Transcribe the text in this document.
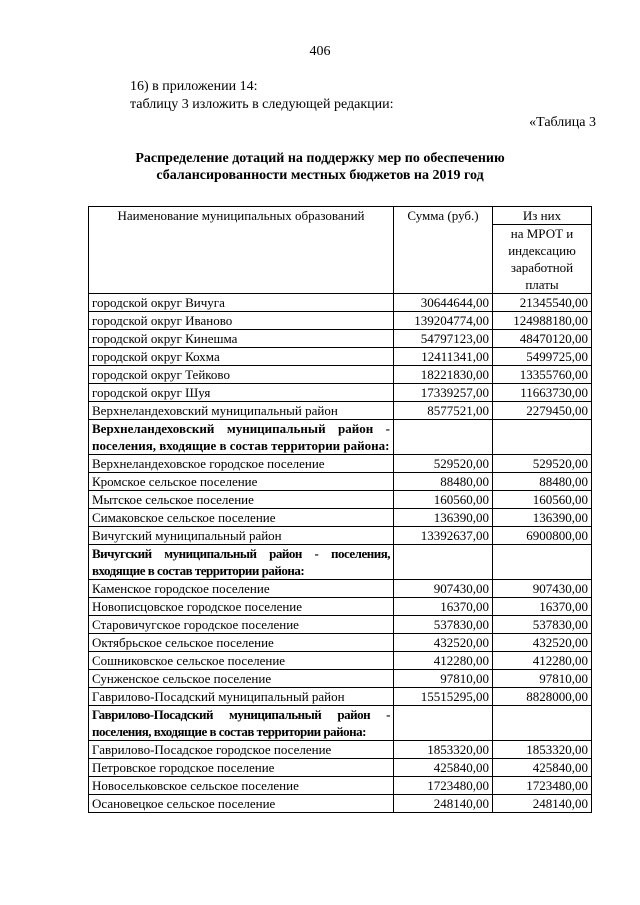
406
16) в приложении 14:
таблицу 3 изложить в следующей редакции:
«Таблица 3
Распределение дотаций на поддержку мер по обеспечению
сбалансированности местных бюджетов на 2019 год
Наименование муниципальных образований	Сумма (руб.)	Из них
		на МРОТ и индексацию заработной платы
городской округ Вичуга	30644644,00	21345540,00
городской округ Иваново	139204774,00	124988180,00
городской округ Кинешма	54797123,00	48470120,00
городской округ Кохма	12411341,00	5499725,00
городской округ Тейково	18221830,00	13355760,00
городской округ Шуя	17339257,00	11663730,00
Верхнеландеховский муниципальный район	8577521,00	2279450,00
Верхнеландеховский муниципальный район - поселения, входящие в состав территории района:		
Верхнеландеховское городское поселение	529520,00	529520,00
Кромское сельское поселение	88480,00	88480,00
Мытское сельское поселение	160560,00	160560,00
Симаковское сельское поселение	136390,00	136390,00
Вичугский муниципальный район	13392637,00	6900800,00
Вичугский муниципальный район - поселения, входящие в состав территории района:		
Каменское городское поселение	907430,00	907430,00
Новописцовское городское поселение	16370,00	16370,00
Старовичугское городское поселение	537830,00	537830,00
Октябрьское сельское поселение	432520,00	432520,00
Сошниковское сельское поселение	412280,00	412280,00
Сунженское сельское поселение	97810,00	97810,00
Гаврилово-Посадский муниципальный район	15515295,00	8828000,00
Гаврилово-Посадский муниципальный район - поселения, входящие в состав территории района:		
Гаврилово-Посадское городское поселение	1853320,00	1853320,00
Петровское городское поселение	425840,00	425840,00
Новосельковское сельское поселение	1723480,00	1723480,00
Осановецкое сельское поселение	248140,00	248140,00
